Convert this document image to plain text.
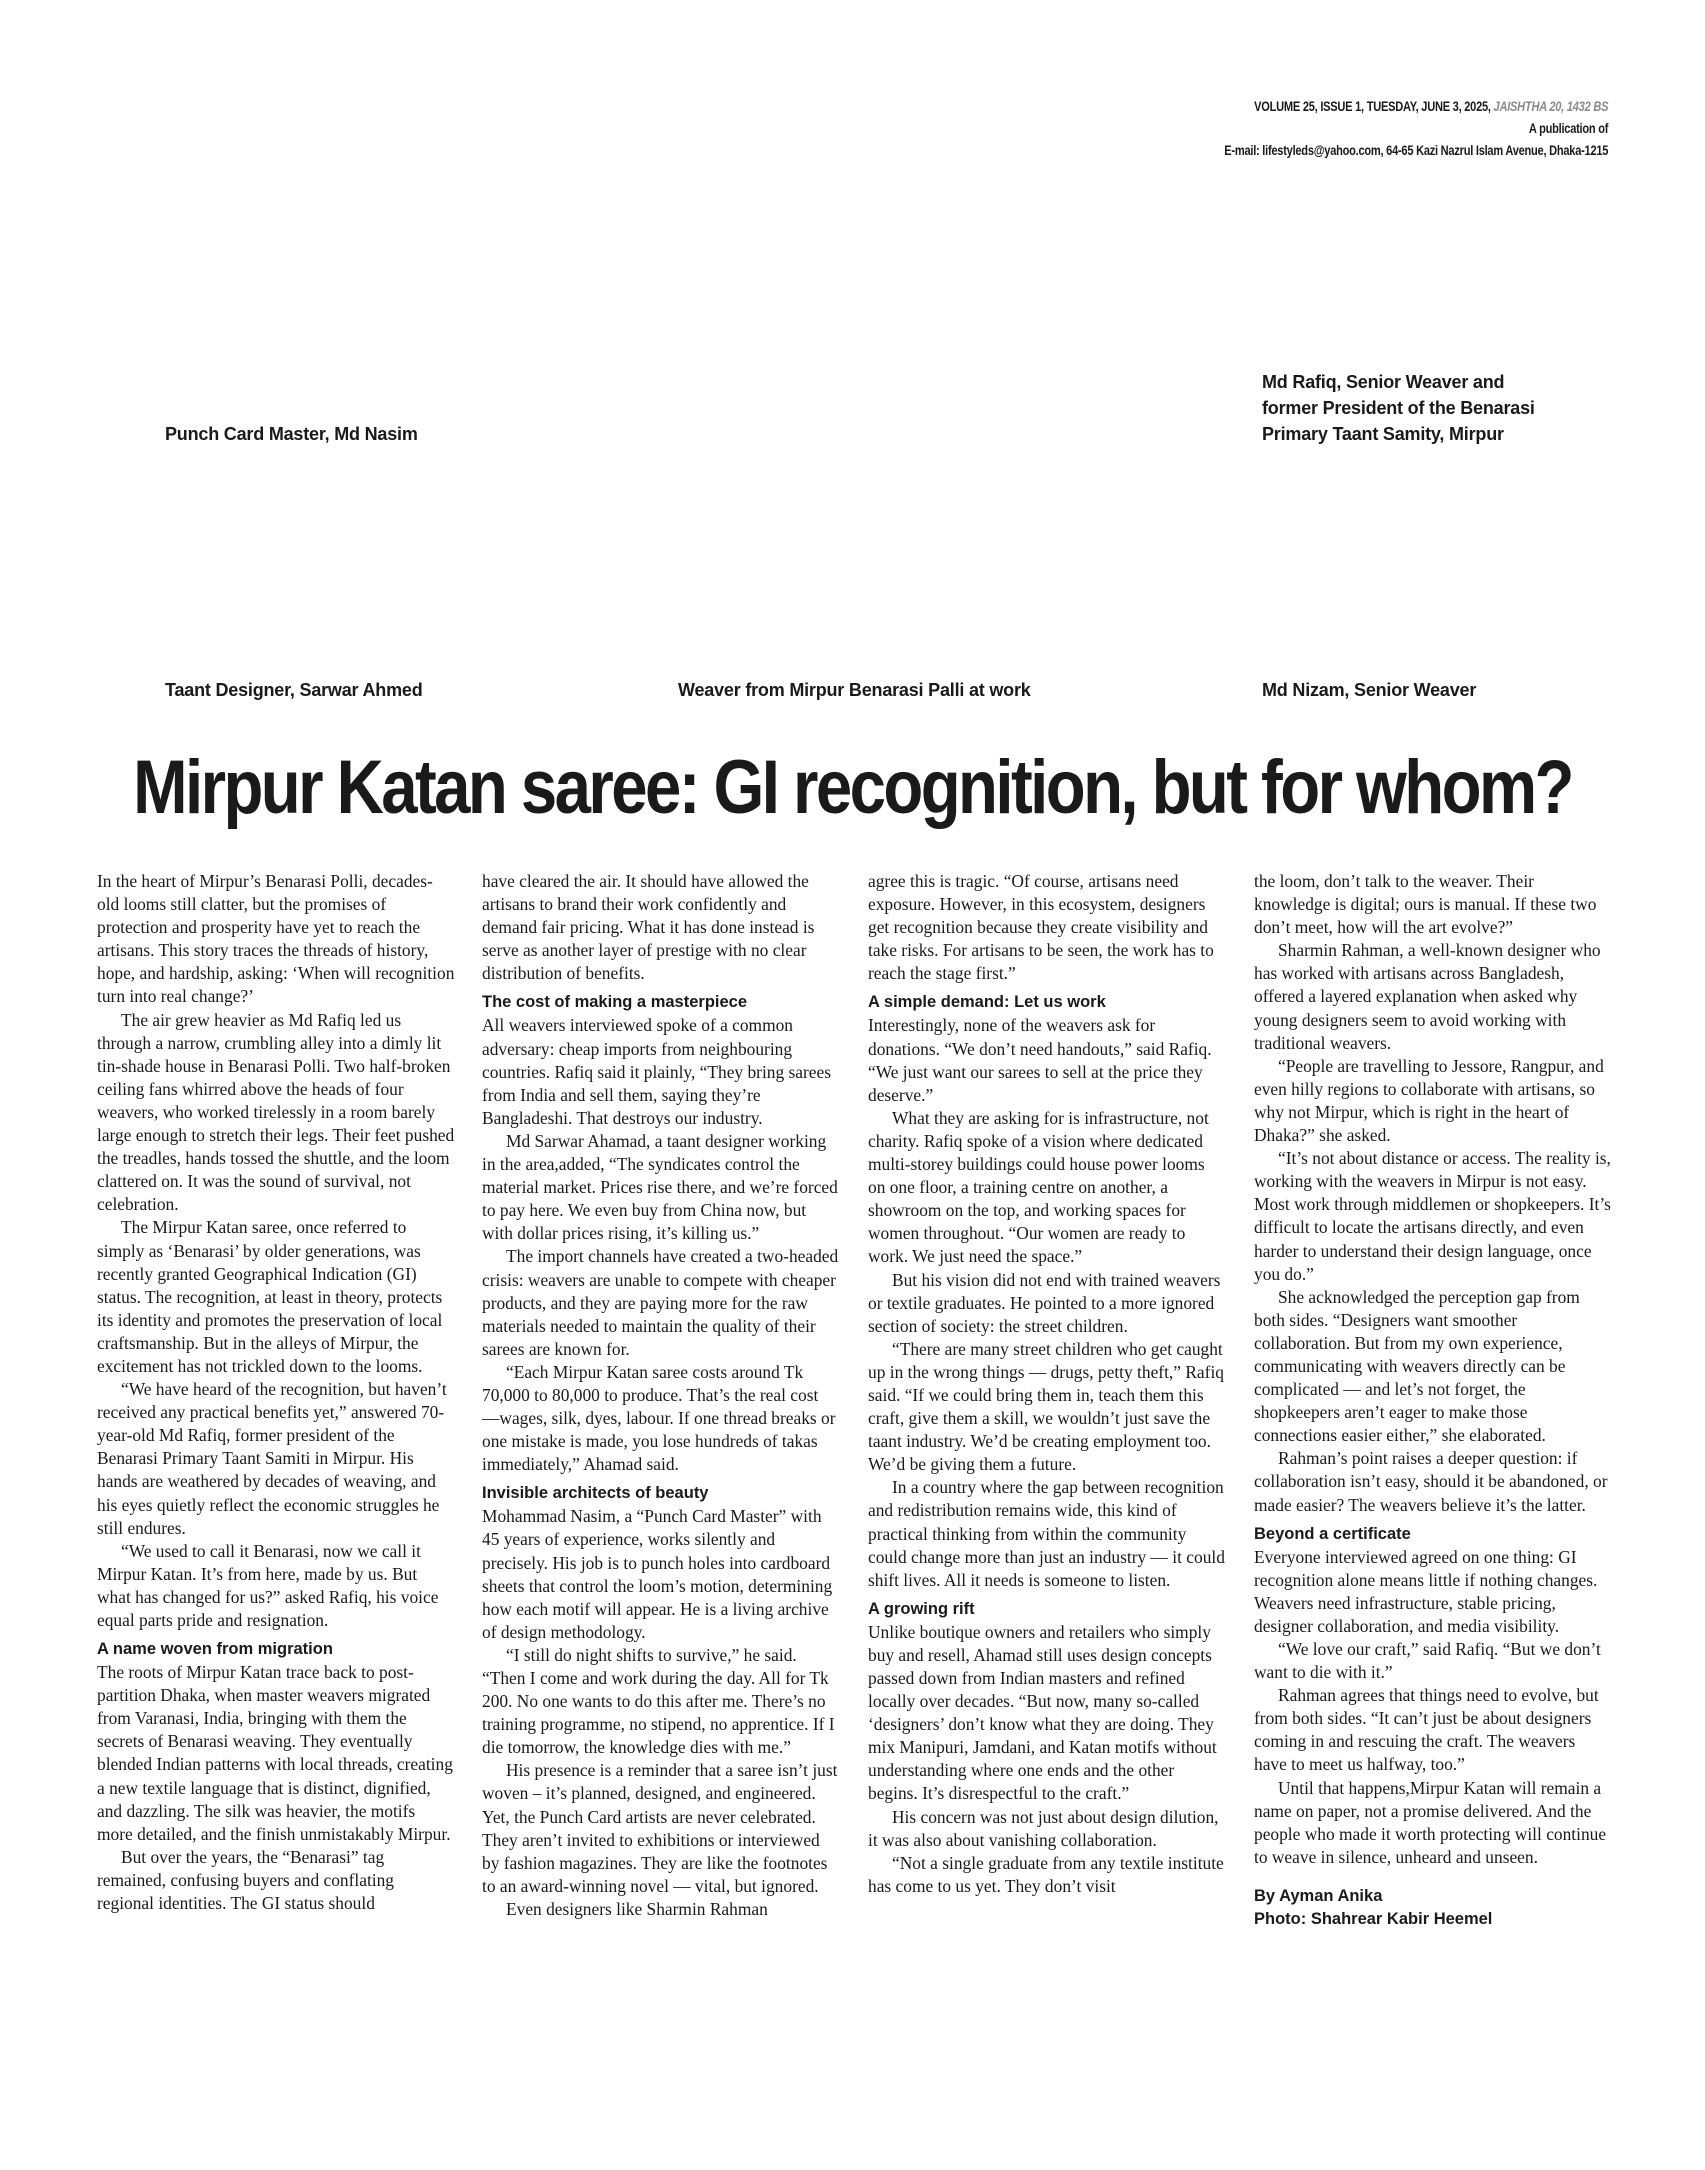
VOLUME 25, ISSUE 1, TUESDAY, JUNE 3, 2025, JAISHTHA 20, 1432 BS
A publication of
E-mail: lifestyleds@yahoo.com, 64-65 Kazi Nazrul Islam Avenue, Dhaka-1215
Punch Card Master, Md Nasim
Md Rafiq, Senior Weaver and
former President of the Benarasi
Primary Taant Samity, Mirpur
Taant Designer, Sarwar Ahmed	Weaver from Mirpur Benarasi Palli at work	Md Nizam, Senior Weaver
Mirpur Katan saree: GI recognition, but for whom?

In the heart of Mirpur’s Benarasi Polli, decades-old looms still clatter, but the promises of protection and prosperity have yet to reach the artisans. This story traces the threads of history, hope, and hardship, asking: ‘When will recognition turn into real change?’

The air grew heavier as Md Rafiq led us through a narrow, crumbling alley into a dimly lit tin-shade house in Benarasi Polli. Two half-broken ceiling fans whirred above the heads of four weavers, who worked tirelessly in a room barely large enough to stretch their legs. Their feet pushed the treadles, hands tossed the shuttle, and the loom clattered on. It was the sound of survival, not celebration.

The Mirpur Katan saree, once referred to simply as ‘Benarasi’ by older generations, was recently granted Geographical Indication (GI) status. The recognition, at least in theory, protects its identity and promotes the preservation of local craftsmanship. But in the alleys of Mirpur, the excitement has not trickled down to the looms.

“We have heard of the recognition, but haven’t received any practical benefits yet,” answered 70-year-old Md Rafiq, former president of the Benarasi Primary Taant Samiti in Mirpur. His hands are weathered by decades of weaving, and his eyes quietly reflect the economic struggles he still endures.

“We used to call it Benarasi, now we call it Mirpur Katan. It’s from here, made by us. But what has changed for us?” asked Rafiq, his voice equal parts pride and resignation.

A name woven from migration

The roots of Mirpur Katan trace back to post-partition Dhaka, when master weavers migrated from Varanasi, India, bringing with them the secrets of Benarasi weaving. They eventually blended Indian patterns with local threads, creating a new textile language that is distinct, dignified, and dazzling. The silk was heavier, the motifs more detailed, and the finish unmistakably Mirpur.

But over the years, the “Benarasi” tag remained, confusing buyers and conflating regional identities. The GI status should

have cleared the air. It should have allowed the artisans to brand their work confidently and demand fair pricing. What it has done instead is serve as another layer of prestige with no clear distribution of benefits.

The cost of making a masterpiece

All weavers interviewed spoke of a common adversary: cheap imports from neighbouring countries. Rafiq said it plainly, “They bring sarees from India and sell them, saying they’re Bangladeshi. That destroys our industry.

Md Sarwar Ahamad, a taant designer working in the area,added, “The syndicates control the material market. Prices rise there, and we’re forced to pay here. We even buy from China now, but with dollar prices rising, it’s killing us.”

The import channels have created a two-headed crisis: weavers are unable to compete with cheaper products, and they are paying more for the raw materials needed to maintain the quality of their sarees are known for.

“Each Mirpur Katan saree costs around Tk 70,000 to 80,000 to produce. That’s the real cost —wages, silk, dyes, labour. If one thread breaks or one mistake is made, you lose hundreds of takas immediately,” Ahamad said.

Invisible architects of beauty

Mohammad Nasim, a “Punch Card Master” with 45 years of experience, works silently and precisely. His job is to punch holes into cardboard sheets that control the loom’s motion, determining how each motif will appear. He is a living archive of design methodology.

“I still do night shifts to survive,” he said. “Then I come and work during the day. All for Tk 200. No one wants to do this after me. There’s no training programme, no stipend, no apprentice. If I die tomorrow, the knowledge dies with me.”

His presence is a reminder that a saree isn’t just woven – it’s planned, designed, and engineered. Yet, the Punch Card artists are never celebrated. They aren’t invited to exhibitions or interviewed by fashion magazines. They are like the footnotes to an award-winning novel — vital, but ignored.

Even designers like Sharmin Rahman

agree this is tragic. “Of course, artisans need exposure. However, in this ecosystem, designers get recognition because they create visibility and take risks. For artisans to be seen, the work has to reach the stage first.”

A simple demand: Let us work

Interestingly, none of the weavers ask for donations. “We don’t need handouts,” said Rafiq. “We just want our sarees to sell at the price they deserve.”

What they are asking for is infrastructure, not charity. Rafiq spoke of a vision where dedicated multi-storey buildings could house power looms on one floor, a training centre on another, a showroom on the top, and working spaces for women throughout. “Our women are ready to work. We just need the space.”

But his vision did not end with trained weavers or textile graduates. He pointed to a more ignored section of society: the street children.

“There are many street children who get caught up in the wrong things — drugs, petty theft,” Rafiq said. “If we could bring them in, teach them this craft, give them a skill, we wouldn’t just save the taant industry. We’d be creating employment too. We’d be giving them a future.

In a country where the gap between recognition and redistribution remains wide, this kind of practical thinking from within the community could change more than just an industry — it could shift lives. All it needs is someone to listen.

A growing rift

Unlike boutique owners and retailers who simply buy and resell, Ahamad still uses design concepts passed down from Indian masters and refined locally over decades. “But now, many so-called ‘designers’ don’t know what they are doing. They mix Manipuri, Jamdani, and Katan motifs without understanding where one ends and the other begins. It’s disrespectful to the craft.”

His concern was not just about design dilution, it was also about vanishing collaboration.

“Not a single graduate from any textile institute has come to us yet. They don’t visit

the loom, don’t talk to the weaver. Their knowledge is digital; ours is manual. If these two don’t meet, how will the art evolve?”

Sharmin Rahman, a well-known designer who has worked with artisans across Bangladesh, offered a layered explanation when asked why young designers seem to avoid working with traditional weavers.

“People are travelling to Jessore, Rangpur, and even hilly regions to collaborate with artisans, so why not Mirpur, which is right in the heart of Dhaka?” she asked.

“It’s not about distance or access. The reality is, working with the weavers in Mirpur is not easy. Most work through middlemen or shopkeepers. It’s difficult to locate the artisans directly, and even harder to understand their design language, once you do.”

She acknowledged the perception gap from both sides. “Designers want smoother collaboration. But from my own experience, communicating with weavers directly can be complicated — and let’s not forget, the shopkeepers aren’t eager to make those connections easier either,” she elaborated.

Rahman’s point raises a deeper question: if collaboration isn’t easy, should it be abandoned, or made easier? The weavers believe it’s the latter.

Beyond a certificate

Everyone interviewed agreed on one thing: GI recognition alone means little if nothing changes. Weavers need infrastructure, stable pricing, designer collaboration, and media visibility.

“We love our craft,” said Rafiq. “But we don’t want to die with it.”

Rahman agrees that things need to evolve, but from both sides. “It can’t just be about designers coming in and rescuing the craft. The weavers have to meet us halfway, too.”

Until that happens,Mirpur Katan will remain a name on paper, not a promise delivered. And the people who made it worth protecting will continue to weave in silence, unheard and unseen.

By Ayman Anika
Photo: Shahrear Kabir Heemel
